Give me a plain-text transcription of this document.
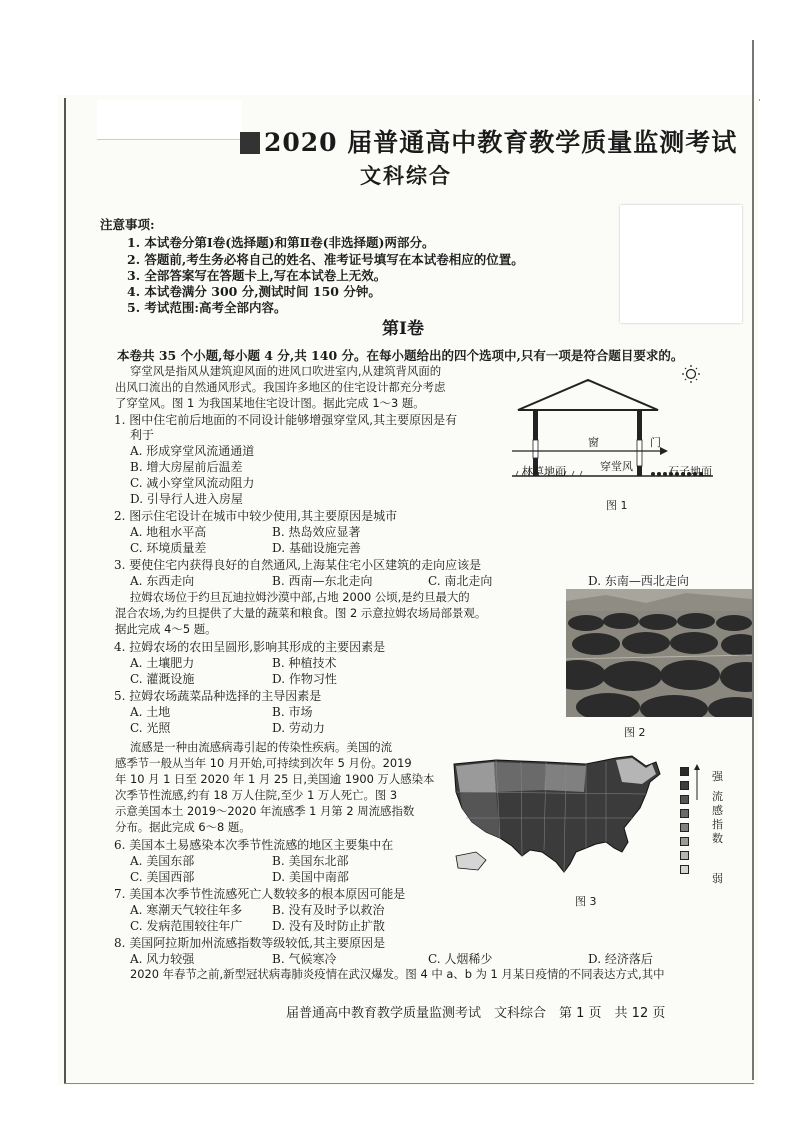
2020 届普通高中教育教学质量监测考试
文科综合
注意事项:
1. 本试卷分第Ⅰ卷(选择题)和第Ⅱ卷(非选择题)两部分。
2. 答题前,考生务必将自己的姓名、准考证号填写在本试卷相应的位置。
3. 全部答案写在答题卡上,写在本试卷上无效。
4. 本试卷满分 300 分,测试时间 150 分钟。
5. 考试范围:高考全部内容。
第Ⅰ卷
本卷共 35 个小题,每小题 4 分,共 140 分。在每小题给出的四个选项中,只有一项是符合题目要求的。
穿堂风是指风从建筑迎风面的进风口吹进室内,从建筑背风面的
出风口流出的自然通风形式。我国许多地区的住宅设计都充分考虑
了穿堂风。图 1 为我国某地住宅设计图。据此完成 1～3 题。
1. 图中住宅前后地面的不同设计能够增强穿堂风,其主要原因是有
利于
A. 形成穿堂风流通通道
B. 增大房屋前后温差
C. 减小穿堂风流动阻力
D. 引导行人进入房屋
2. 图示住宅设计在城市中较少使用,其主要原因是城市
A. 地租水平高	B. 热岛效应显著
C. 环境质量差	D. 基础设施完善
3. 要使住宅内获得良好的自然通风,上海某住宅小区建筑的走向应该是
A. 东西走向	B. 西南—东北走向	C. 南北走向	D. 东南—西北走向
拉姆农场位于约旦瓦迪拉姆沙漠中部,占地 2000 公顷,是约旦最大的
混合农场,为约旦提供了大量的蔬菜和粮食。图 2 示意拉姆农场局部景观。
据此完成 4～5 题。
4. 拉姆农场的农田呈圆形,影响其形成的主要因素是
A. 土壤肥力	B. 种植技术
C. 灌溉设施	D. 作物习性
5. 拉姆农场蔬菜品种选择的主导因素是
A. 土地	B. 市场
C. 光照	D. 劳动力
流感是一种由流感病毒引起的传染性疾病。美国的流
感季节一般从当年 10 月开始,可持续到次年 5 月份。2019
年 10 月 1 日至 2020 年 1 月 25 日,美国逾 1900 万人感染本
次季节性流感,约有 18 万人住院,至少 1 万人死亡。图 3
示意美国本土 2019～2020 年流感季 1 月第 2 周流感指数
分布。据此完成 6～8 题。
6. 美国本土易感染本次季节性流感的地区主要集中在
A. 美国东部	B. 美国东北部
C. 美国西部	D. 美国中南部
7. 美国本次季节性流感死亡人数较多的根本原因可能是
A. 寒潮天气较往年多 B. 没有及时予以救治
C. 发病范围较往年广 D. 没有及时防止扩散
8. 美国阿拉斯加州流感指数等级较低,其主要原因是
A. 风力较强	B. 气候寒冷	C. 人烟稀少	D. 经济落后
2020 年春节之前,新型冠状病毒肺炎疫情在武汉爆发。图 4 中 a、b 为 1 月某日疫情的不同表达方式,其中
窗	门
穿堂风
林草地面	石子地面
图 1
图 2
图 3
强
流感指数
弱
·
届普通高中教育教学质量监测考试　文科综合　第 1 页　共 12 页
